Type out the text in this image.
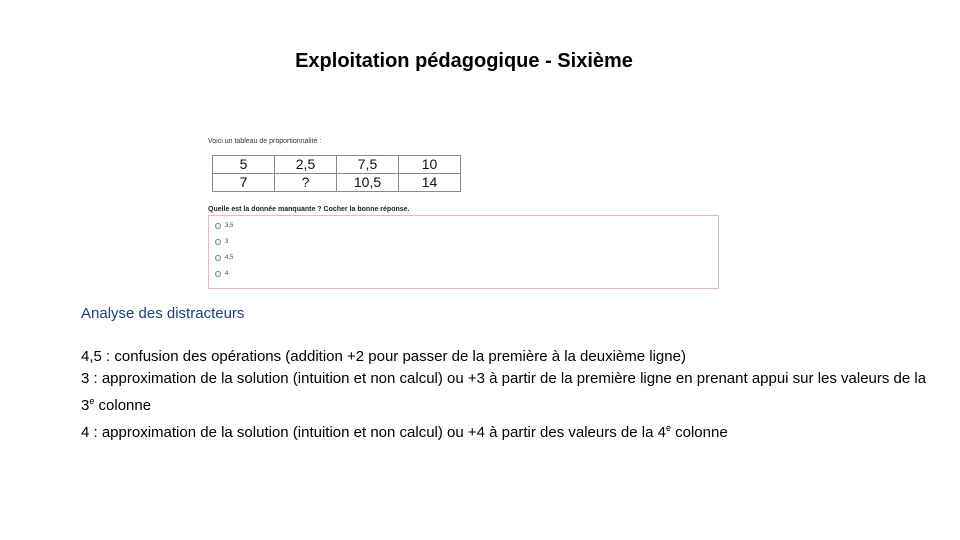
Exploitation pédagogique - Sixième
Voici un tableau de proportionnalité :
5	2,5	7,5	10
7	?	10,5	14
Quelle est la donnée manquante ? Cocher la bonne réponse.
3,5
3
4,5
4
Analyse des distracteurs

4,5 : confusion des opérations (addition +2 pour passer de la première à la deuxième ligne)

3 : approximation de la solution (intuition et non calcul) ou +3 à partir de la première ligne en prenant appui sur les valeurs de la 3e colonne

4 : approximation de la solution (intuition et non calcul) ou +4 à partir des valeurs de la 4e colonne
